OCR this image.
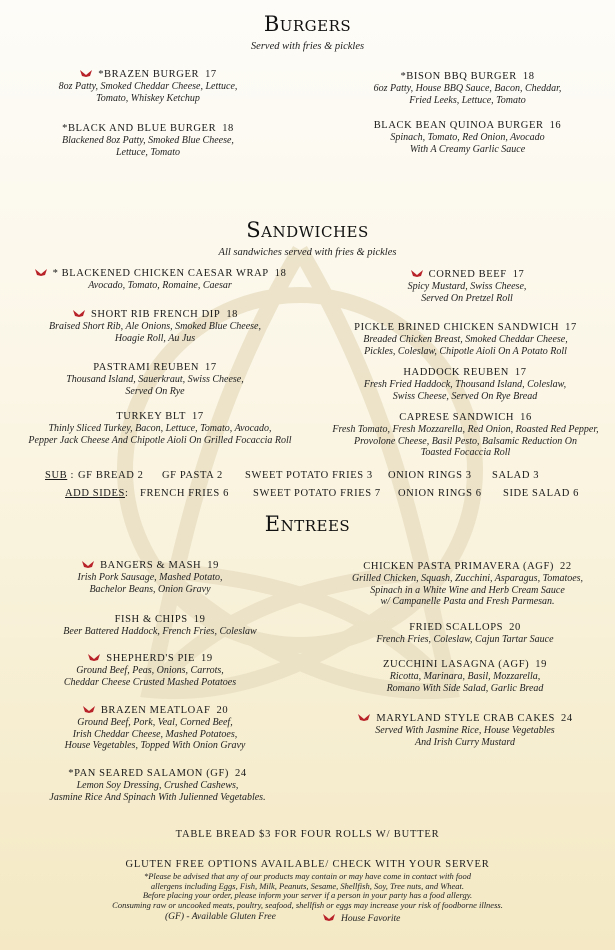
Burgers
Served with fries & pickles
*BRAZEN BURGER 17
8oz Patty, Smoked Cheddar Cheese, Lettuce,
Tomato, Whiskey Ketchup
*BISON BBQ BURGER 18
6oz Patty, House BBQ Sauce, Bacon, Cheddar,
Fried Leeks, Lettuce, Tomato
*BLACK AND BLUE BURGER 18
Blackened 8oz Patty, Smoked Blue Cheese,
Lettuce, Tomato
BLACK BEAN QUINOA BURGER 16
Spinach, Tomato, Red Onion, Avocado
With A Creamy Garlic Sauce
Sandwiches
All sandwiches served with fries & pickles
* BLACKENED CHICKEN CAESAR WRAP 18
Avocado, Tomato, Romaine, Caesar
CORNED BEEF 17
Spicy Mustard, Swiss Cheese,
Served On Pretzel Roll
SHORT RIB FRENCH DIP 18
Braised Short Rib, Ale Onions, Smoked Blue Cheese,
Hoagie Roll, Au Jus
PICKLE BRINED CHICKEN SANDWICH 17
Breaded Chicken Breast, Smoked Cheddar Cheese,
Pickles, Coleslaw, Chipotle Aioli On A Potato Roll
PASTRAMI REUBEN 17
Thousand Island, Sauerkraut, Swiss Cheese,
Served On Rye
HADDOCK REUBEN 17
Fresh Fried Haddock, Thousand Island, Coleslaw,
Swiss Cheese, Served On Rye Bread
TURKEY BLT 17
Thinly Sliced Turkey, Bacon, Lettuce, Tomato, Avocado,
Pepper Jack Cheese And Chipotle Aioli On Grilled Focaccia Roll
CAPRESE SANDWICH 16
Fresh Tomato, Fresh Mozzarella, Red Onion, Roasted Red Pepper,
Provolone Cheese, Basil Pesto, Balsamic Reduction On
Toasted Focaccia Roll
SUB : GF BREAD 2 GF PASTA 2 SWEET POTATO FRIES 3 ONION RINGS 3 SALAD 3
ADD SIDES: FRENCH FRIES 6 SWEET POTATO FRIES 7 ONION RINGS 6 SIDE SALAD 6
Entrees
BANGERS & MASH 19
Irish Pork Sausage, Mashed Potato,
Bachelor Beans, Onion Gravy
CHICKEN PASTA PRIMAVERA (AGF) 22
Grilled Chicken, Squash, Zucchini, Asparagus, Tomatoes,
Spinach in a White Wine and Herb Cream Sauce
w/ Campanelle Pasta and Fresh Parmesan.
FISH & CHIPS 19
Beer Battered Haddock, French Fries, Coleslaw	FRIED SCALLOPS 20
French Fries, Coleslaw, Cajun Tartar Sauce
SHEPHERD'S PIE 19
Ground Beef, Peas, Onions, Carrots,
Cheddar Cheese Crusted Mashed Potatoes
ZUCCHINI LASAGNA (AGF) 19
Ricotta, Marinara, Basil, Mozzarella,
Romano With Side Salad, Garlic Bread
BRAZEN MEATLOAF 20
Ground Beef, Pork, Veal, Corned Beef,
Irish Cheddar Cheese, Mashed Potatoes,
House Vegetables, Topped With Onion Gravy
MARYLAND STYLE CRAB CAKES 24
Served With Jasmine Rice, House Vegetables
And Irish Curry Mustard
*PAN SEARED SALAMON (GF) 24
Lemon Soy Dressing, Crushed Cashews,
Jasmine Rice And Spinach With Julienned Vegetables.
TABLE BREAD $3 FOR FOUR ROLLS W/ BUTTER
GLUTEN FREE OPTIONS AVAILABLE/ CHECK WITH YOUR SERVER
*Please be advised that any of our products may contain or may have come in contact with food
allergens including Eggs, Fish, Milk, Peanuts, Sesame, Shellfish, Soy, Tree nuts, and Wheat.
Before placing your order, please inform your server if a person in your party has a food allergy.
Consuming raw or uncooked meats, poultry, seafood, shellfish or eggs may increase your risk of foodborne illness.
(GF) - Available Gluten Free	House Favorite
